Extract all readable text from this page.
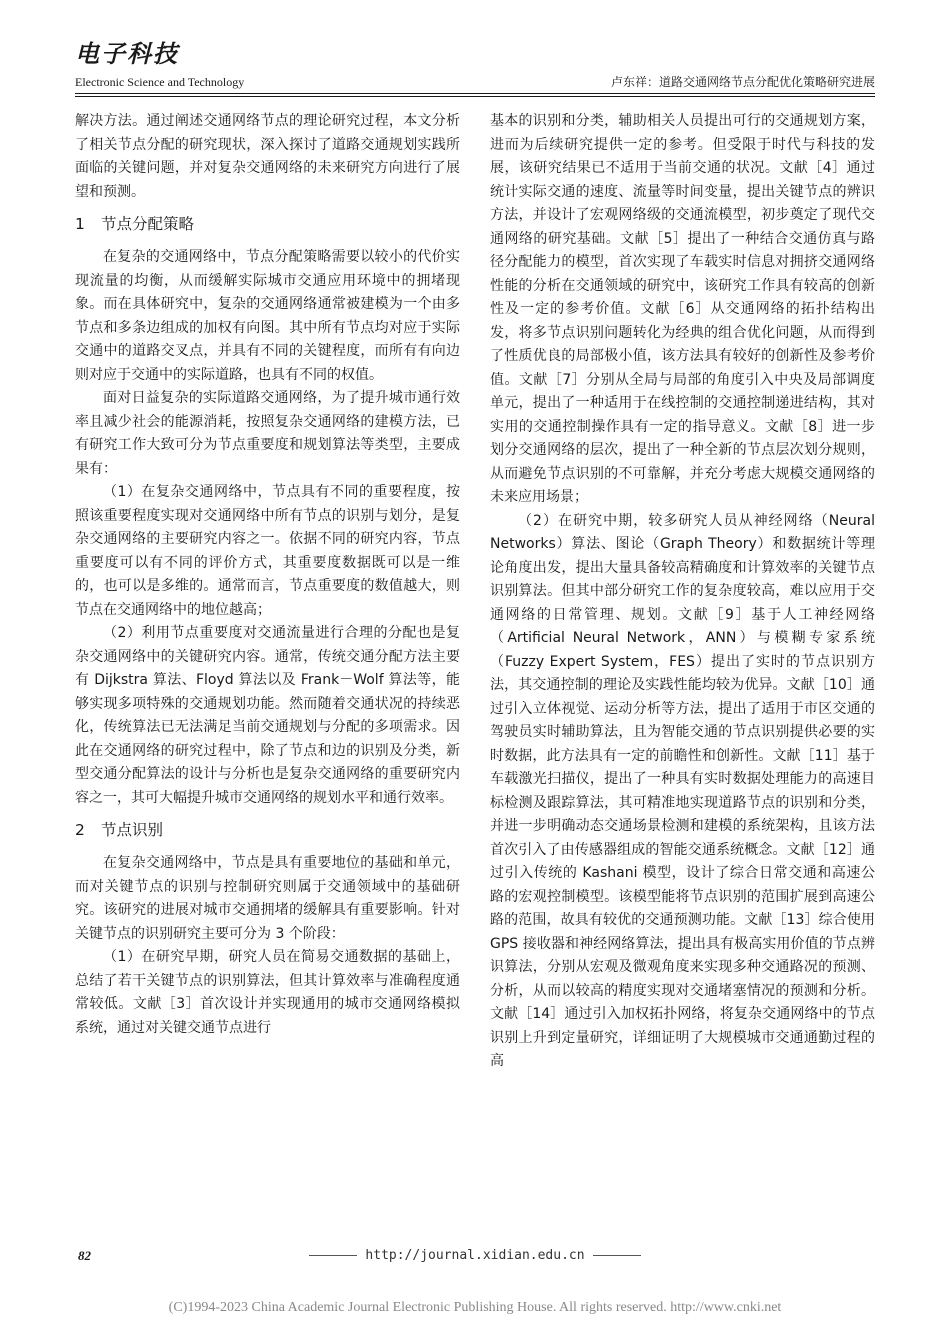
电子科技
Electronic Science and Technology	卢东祥：道路交通网络节点分配优化策略研究进展

解决方法。通过阐述交通网络节点的理论研究过程，本文分析了相关节点分配的研究现状，深入探讨了道路交通规划实践所面临的关键问题，并对复杂交通网络的未来研究方向进行了展望和预测。

1 节点分配策略

在复杂的交通网络中，节点分配策略需要以较小的代价实现流量的均衡，从而缓解实际城市交通应用环境中的拥堵现象。而在具体研究中，复杂的交通网络通常被建模为一个由多节点和多条边组成的加权有向图。其中所有节点均对应于实际交通中的道路交叉点，并具有不同的关键程度，而所有有向边则对应于交通中的实际道路，也具有不同的权值。

面对日益复杂的实际道路交通网络，为了提升城市通行效率且减少社会的能源消耗，按照复杂交通网络的建模方法，已有研究工作大致可分为节点重要度和规划算法等类型，主要成果有：

（1）在复杂交通网络中，节点具有不同的重要程度，按照该重要程度实现对交通网络中所有节点的识别与划分，是复杂交通网络的主要研究内容之一。依据不同的研究内容，节点重要度可以有不同的评价方式，其重要度数据既可以是一维的，也可以是多维的。通常而言，节点重要度的数值越大，则节点在交通网络中的地位越高；

（2）利用节点重要度对交通流量进行合理的分配也是复杂交通网络中的关键研究内容。通常，传统交通分配方法主要有 Dijkstra 算法、Floyd 算法以及 Frank－Wolf 算法等，能够实现多项特殊的交通规划功能。然而随着交通状况的持续恶化，传统算法已无法满足当前交通规划与分配的多项需求。因此在交通网络的研究过程中，除了节点和边的识别及分类，新型交通分配算法的设计与分析也是复杂交通网络的重要研究内容之一，其可大幅提升城市交通网络的规划水平和通行效率。

2 节点识别

在复杂交通网络中，节点是具有重要地位的基础和单元，而对关键节点的识别与控制研究则属于交通领域中的基础研究。该研究的进展对城市交通拥堵的缓解具有重要影响。针对关键节点的识别研究主要可分为 3 个阶段：

（1）在研究早期，研究人员在简易交通数据的基础上，总结了若干关键节点的识别算法，但其计算效率与准确程度通常较低。文献［3］首次设计并实现通用的城市交通网络模拟系统，通过对关键交通节点进行

基本的识别和分类，辅助相关人员提出可行的交通规划方案，进而为后续研究提供一定的参考。但受限于时代与科技的发展，该研究结果已不适用于当前交通的状况。文献［4］通过统计实际交通的速度、流量等时间变量，提出关键节点的辨识方法，并设计了宏观网络级的交通流模型，初步奠定了现代交通网络的研究基础。文献［5］提出了一种结合交通仿真与路径分配能力的模型，首次实现了车载实时信息对拥挤交通网络性能的分析在交通领域的研究中，该研究工作具有较高的创新性及一定的参考价值。文献［6］从交通网络的拓扑结构出发，将多节点识别问题转化为经典的组合优化问题，从而得到了性质优良的局部极小值，该方法具有较好的创新性及参考价值。文献［7］分别从全局与局部的角度引入中央及局部调度单元，提出了一种适用于在线控制的交通控制递进结构，其对实用的交通控制操作具有一定的指导意义。文献［8］进一步划分交通网络的层次，提出了一种全新的节点层次划分规则，从而避免节点识别的不可靠解，并充分考虑大规模交通网络的未来应用场景；

（2）在研究中期，较多研究人员从神经网络（Neural Networks）算法、图论（Graph Theory）和数据统计等理论角度出发，提出大量具备较高精确度和计算效率的关键节点识别算法。但其中部分研究工作的复杂度较高，难以应用于交通网络的日常管理、规划。文献［9］基于人工神经网络（Artificial Neural Network，ANN）与模糊专家系统（Fuzzy Expert System，FES）提出了实时的节点识别方法，其交通控制的理论及实践性能均较为优异。文献［10］通过引入立体视觉、运动分析等方法，提出了适用于市区交通的驾驶员实时辅助算法，且为智能交通的节点识别提供必要的实时数据，此方法具有一定的前瞻性和创新性。文献［11］基于车载激光扫描仪，提出了一种具有实时数据处理能力的高速目标检测及跟踪算法，其可精准地实现道路节点的识别和分类，并进一步明确动态交通场景检测和建模的系统架构，且该方法首次引入了由传感器组成的智能交通系统概念。文献［12］通过引入传统的 Kashani 模型，设计了综合日常交通和高速公路的宏观控制模型。该模型能将节点识别的范围扩展到高速公路的范围，故具有较优的交通预测功能。文献［13］综合使用 GPS 接收器和神经网络算法，提出具有极高实用价值的节点辨识算法，分别从宏观及微观角度来实现多种交通路况的预测、分析，从而以较高的精度实现对交通堵塞情况的预测和分析。文献［14］通过引入加权拓扑网络，将复杂交通网络中的节点识别上升到定量研究，详细证明了大规模城市交通通勤过程的高

82	http://journal.xidian.edu.cn
(C)1994-2023 China Academic Journal Electronic Publishing House. All rights reserved. http://www.cnki.net
